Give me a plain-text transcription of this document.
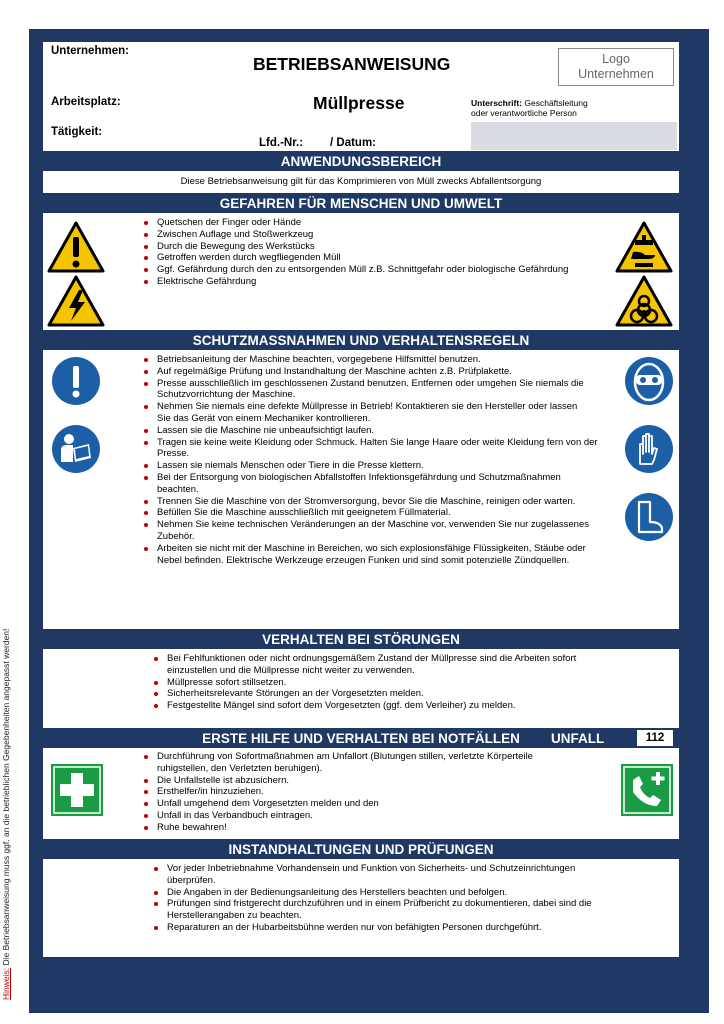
Hinweis: Die Betriebsanweisung muss ggf. an die betrieblichen Gegebenheiten angepasst werden!
Unternehmen:
BETRIEBSANWEISUNG	Logo
Unternehmen
Arbeitsplatz:	Müllpresse	Unterschrift: Geschäftsleitung
oder verantwortliche Person
Tätigkeit:
Lfd.-Nr.: / Datum:
ANWENDUNGSBEREICH
Diese Betriebsanweisung gilt für das Komprimieren von Müll zwecks Abfallentsorgung
GEFAHREN FÜR MENSCHEN UND UMWELT
Quetschen der Finger oder Hände
Zwischen Auflage und Stoßwerkzeug
Durch die Bewegung des Werkstücks
Getroffen werden durch wegfliegenden Müll
Ggf. Gefährdung durch den zu entsorgenden Müll z.B. Schnittgefahr oder biologische Gefährdung
Elektrische Gefährdung
SCHUTZMASSNAHMEN UND VERHALTENSREGELN
Betriebsanleitung der Maschine beachten, vorgegebene Hilfsmittel benutzen.
Auf regelmäßige Prüfung und Instandhaltung der Maschine achten z.B. Prüfplakette.
Presse ausschließlich im geschlossenen Zustand benutzen. Entfernen oder umgehen Sie niemals die Schutzvorrichtung der Maschine.
Nehmen Sie niemals eine defekte Müllpresse in Betrieb! Kontaktieren sie den Hersteller oder lassen
Sie das Gerät von einem Mechaniker kontrollieren.
Lassen sie die Maschine nie unbeaufsichtigt laufen.
Tragen sie keine weite Kleidung oder Schmuck. Halten Sie lange Haare oder weite Kleidung fern von der Presse.
Lassen sie niemals Menschen oder Tiere in die Presse klettern.
Bei der Entsorgung von biologischen Abfallstoffen Infektionsgefährdung und Schutzmaßnahmen beachten.
Trennen Sie die Maschine von der Stromversorgung, bevor Sie die Maschine, reinigen oder warten.
Befüllen Sie die Maschine ausschließlich mit geeignetem Füllmaterial.
Nehmen Sie keine technischen Veränderungen an der Maschine vor, verwenden Sie nur zugelassenes Zubehör.
Arbeiten sie nicht mit der Maschine in Bereichen, wo sich explosionsfähige Flüssigkeiten, Stäube oder Nebel befinden. Elektrische Werkzeuge erzeugen Funken und sind somit potenzielle Zündquellen.
VERHALTEN BEI STÖRUNGEN
Bei Fehlfunktionen oder nicht ordnungsgemäßem Zustand der Müllpresse sind die Arbeiten sofort einzustellen und die Müllpresse nicht weiter zu verwenden.
Müllpresse sofort stillsetzen.
Sicherheitsrelevante Störungen an der Vorgesetzten melden.
Festgestellte Mängel sind sofort dem Vorgesetzten (ggf. dem Verleiher) zu melden.
ERSTE HILFE UND VERHALTEN BEI NOTFÄLLEN UNFALL	112
Durchführung von Sofortmaßnahmen am Unfallort (Blutungen stillen, verletzte Körperteile ruhigstellen, den Verletzten beruhigen).
Die Unfallstelle ist abzusichern.
Ersthelfer/in hinzuziehen.
Unfall umgehend dem Vorgesetzten melden und den
Unfall in das Verbandbuch eintragen.
Ruhe bewahren!
INSTANDHALTUNGEN UND PRÜFUNGEN
Vor jeder Inbetriebnahme Vorhandensein und Funktion von Sicherheits- und Schutzeinrichtungen überprüfen.
Die Angaben in der Bedienungsanleitung des Herstellers beachten und befolgen.
Prüfungen sind fristgerecht durchzuführen und in einem Prüfbericht zu dokumentieren, dabei sind die Herstellerangaben zu beachten.
Reparaturen an der Hubarbeitsbühne werden nur von befähigten Personen durchgeführt.
